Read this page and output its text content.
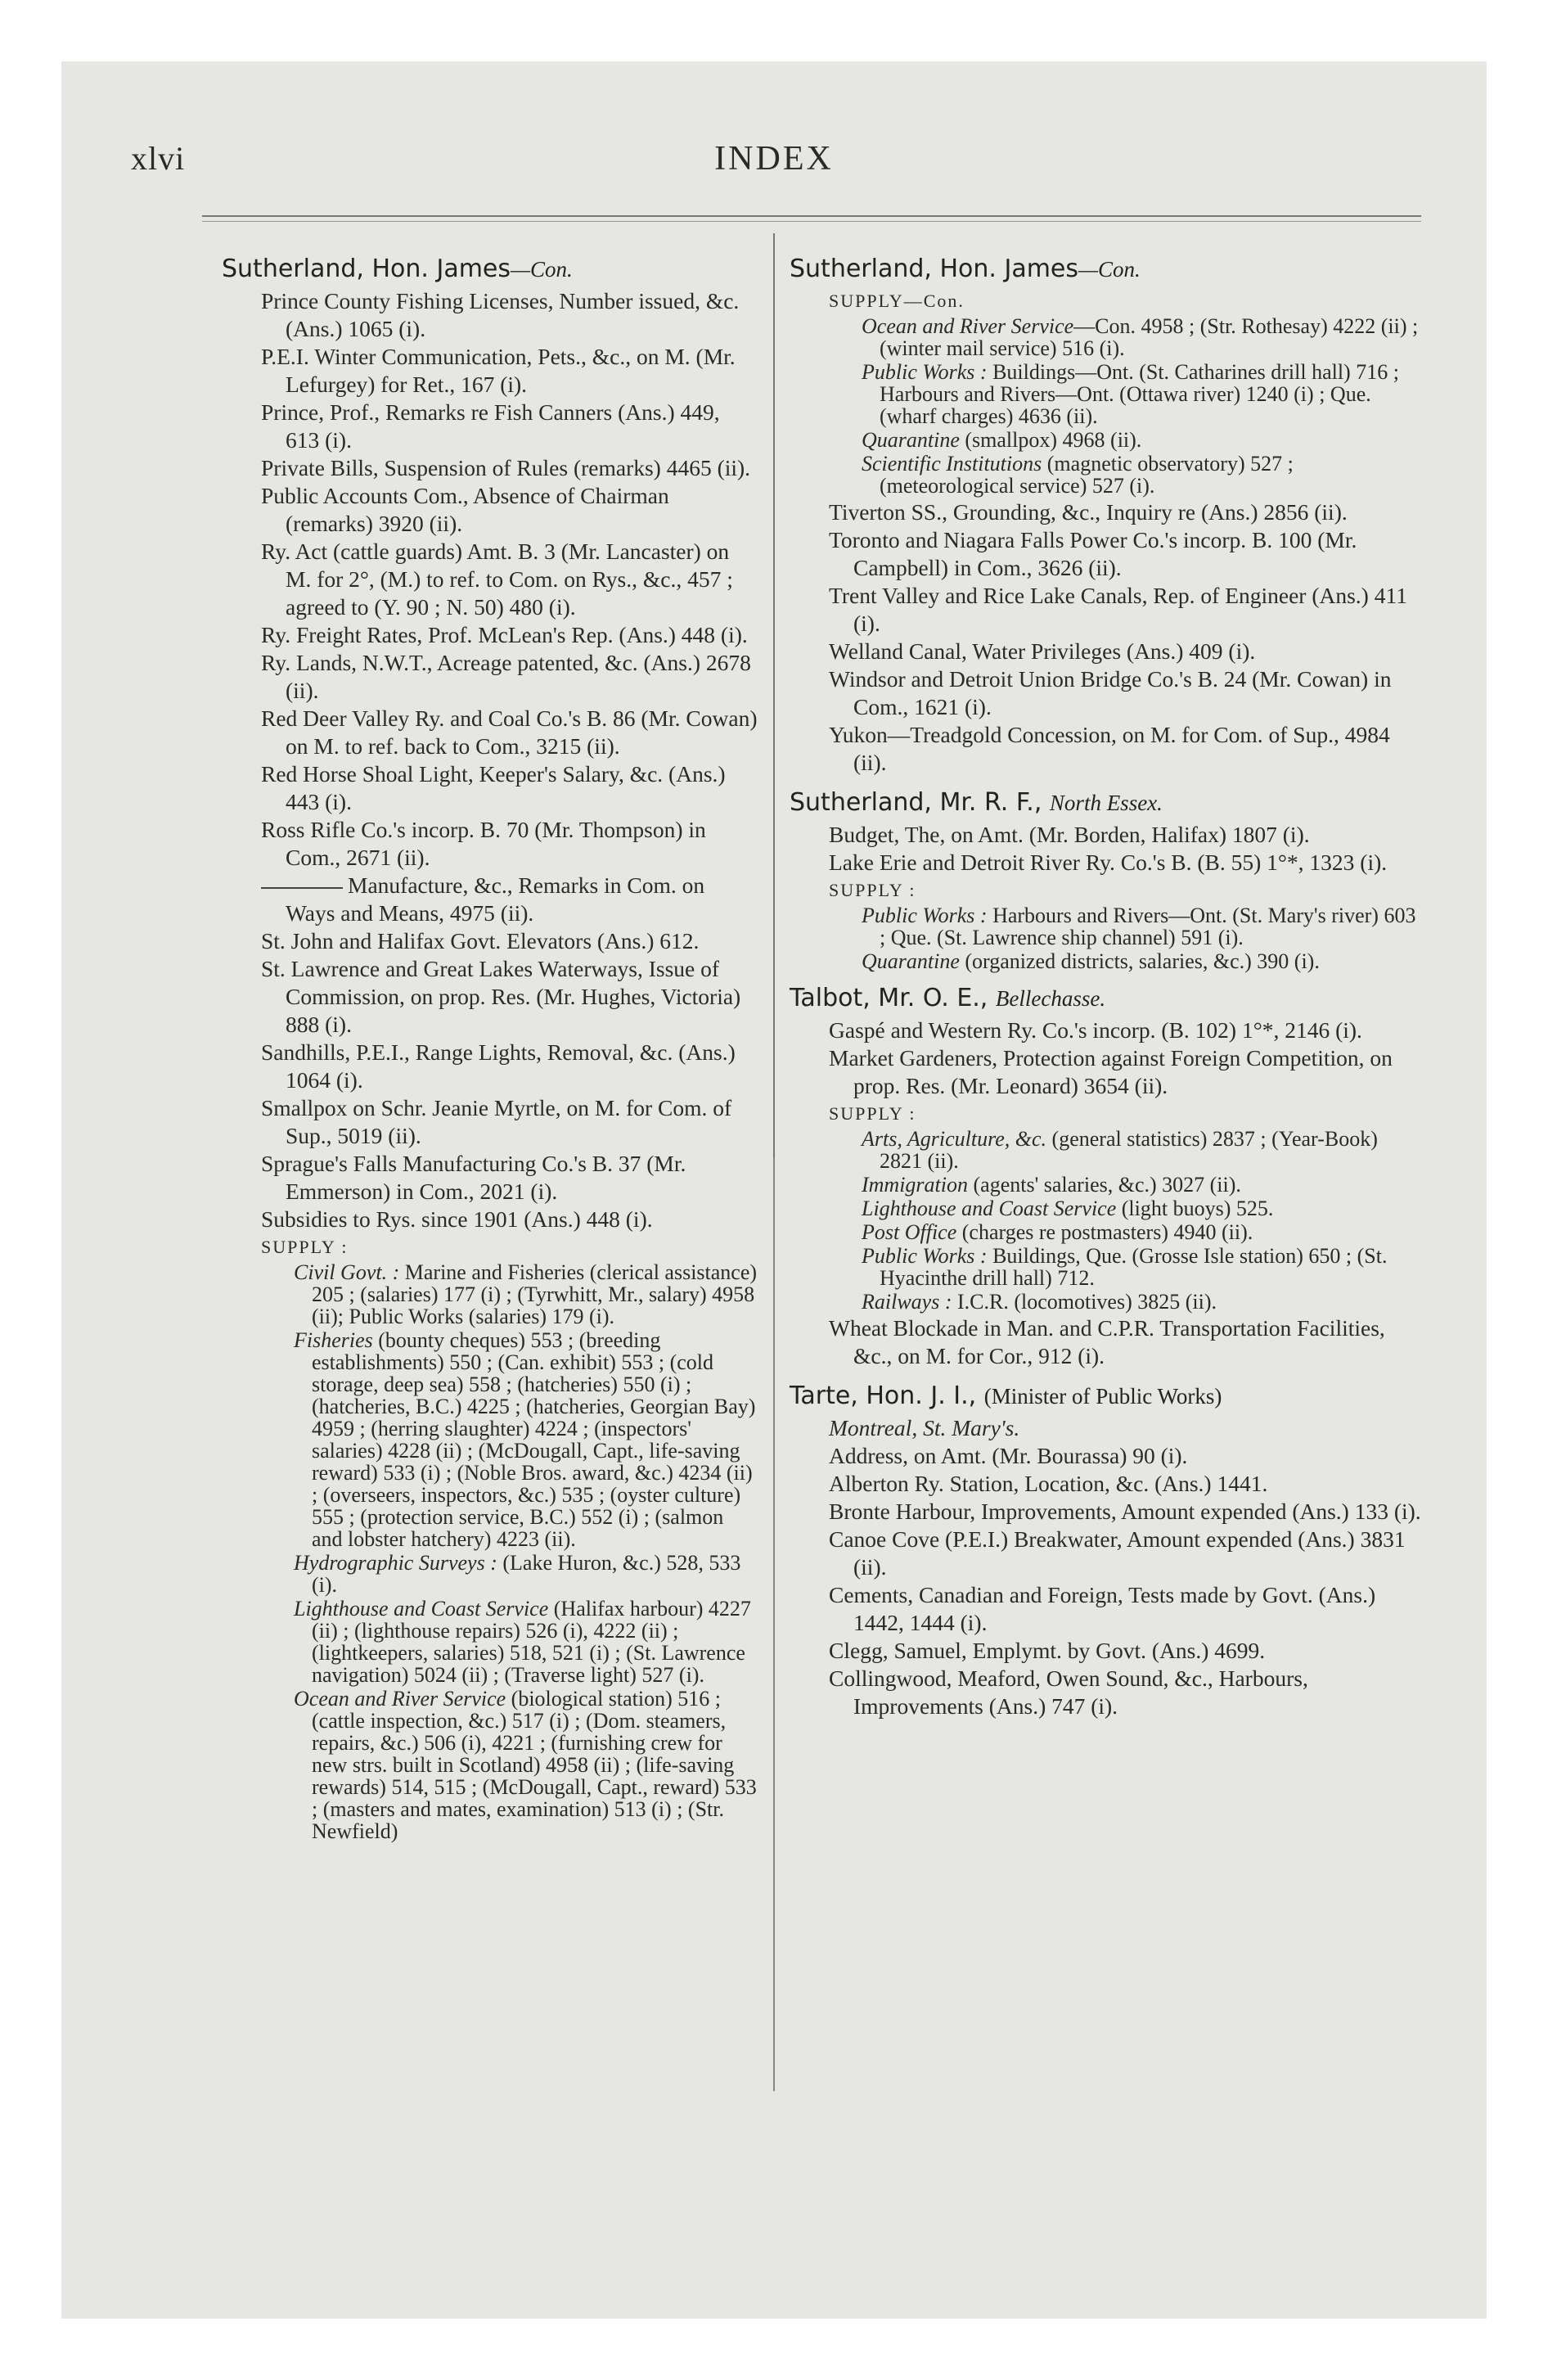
xlvi	INDEX
Sutherland, Hon. James—Con.
Prince County Fishing Licenses, Number issued, &c. (Ans.) 1065 (i).
P.E.I. Winter Communication, Pets., &c., on M. (Mr. Lefurgey) for Ret., 167 (i).
Prince, Prof., Remarks re Fish Canners (Ans.) 449, 613 (i).
Private Bills, Suspension of Rules (remarks) 4465 (ii).
Public Accounts Com., Absence of Chairman (remarks) 3920 (ii).
Ry. Act (cattle guards) Amt. B. 3 (Mr. Lancaster) on M. for 2°, (M.) to ref. to Com. on Rys., &c., 457 ; agreed to (Y. 90 ; N. 50) 480 (i).
Ry. Freight Rates, Prof. McLean's Rep. (Ans.) 448 (i).
Ry. Lands, N.W.T., Acreage patented, &c. (Ans.) 2678 (ii).
Red Deer Valley Ry. and Coal Co.'s B. 86 (Mr. Cowan) on M. to ref. back to Com., 3215 (ii).
Red Horse Shoal Light, Keeper's Salary, &c. (Ans.) 443 (i).
Ross Rifle Co.'s incorp. B. 70 (Mr. Thompson) in Com., 2671 (ii).
Manufacture, &c., Remarks in Com. on Ways and Means, 4975 (ii).
St. John and Halifax Govt. Elevators (Ans.) 612.
St. Lawrence and Great Lakes Waterways, Issue of Commission, on prop. Res. (Mr. Hughes, Victoria) 888 (i).
Sandhills, P.E.I., Range Lights, Removal, &c. (Ans.) 1064 (i).
Smallpox on Schr. Jeanie Myrtle, on M. for Com. of Sup., 5019 (ii).
Sprague's Falls Manufacturing Co.'s B. 37 (Mr. Emmerson) in Com., 2021 (i).
Subsidies to Rys. since 1901 (Ans.) 448 (i).
SUPPLY :
Civil Govt. : Marine and Fisheries (clerical assistance) 205 ; (salaries) 177 (i) ; (Tyrwhitt, Mr., salary) 4958 (ii); Public Works (salaries) 179 (i).
Fisheries (bounty cheques) 553 ; (breeding establishments) 550 ; (Can. exhibit) 553 ; (cold storage, deep sea) 558 ; (hatcheries) 550 (i) ; (hatcheries, B.C.) 4225 ; (hatcheries, Georgian Bay) 4959 ; (herring slaughter) 4224 ; (inspectors' salaries) 4228 (ii) ; (McDougall, Capt., life-saving reward) 533 (i) ; (Noble Bros. award, &c.) 4234 (ii) ; (overseers, inspectors, &c.) 535 ; (oyster culture) 555 ; (protection service, B.C.) 552 (i) ; (salmon and lobster hatchery) 4223 (ii).
Hydrographic Surveys : (Lake Huron, &c.) 528, 533 (i).
Lighthouse and Coast Service (Halifax harbour) 4227 (ii) ; (lighthouse repairs) 526 (i), 4222 (ii) ; (lightkeepers, salaries) 518, 521 (i) ; (St. Lawrence navigation) 5024 (ii) ; (Traverse light) 527 (i).
Ocean and River Service (biological station) 516 ; (cattle inspection, &c.) 517 (i) ; (Dom. steamers, repairs, &c.) 506 (i), 4221 ; (furnishing crew for new strs. built in Scotland) 4958 (ii) ; (life-saving rewards) 514, 515 ; (McDougall, Capt., reward) 533 ; (masters and mates, examination) 513 (i) ; (Str. Newfield)
Sutherland, Hon. James—Con.
SUPPLY—Con.
Ocean and River Service—Con. 4958 ; (Str. Rothesay) 4222 (ii) ; (winter mail service) 516 (i).
Public Works : Buildings—Ont. (St. Catharines drill hall) 716 ; Harbours and Rivers—Ont. (Ottawa river) 1240 (i) ; Que. (wharf charges) 4636 (ii).
Quarantine (smallpox) 4968 (ii).
Scientific Institutions (magnetic observatory) 527 ; (meteorological service) 527 (i).
Tiverton SS., Grounding, &c., Inquiry re (Ans.) 2856 (ii).
Toronto and Niagara Falls Power Co.'s incorp. B. 100 (Mr. Campbell) in Com., 3626 (ii).
Trent Valley and Rice Lake Canals, Rep. of Engineer (Ans.) 411 (i).
Welland Canal, Water Privileges (Ans.) 409 (i).
Windsor and Detroit Union Bridge Co.'s B. 24 (Mr. Cowan) in Com., 1621 (i).
Yukon—Treadgold Concession, on M. for Com. of Sup., 4984 (ii).
Sutherland, Mr. R. F., North Essex.
Budget, The, on Amt. (Mr. Borden, Halifax) 1807 (i).
Lake Erie and Detroit River Ry. Co.'s B. (B. 55) 1°*, 1323 (i).
SUPPLY :
Public Works : Harbours and Rivers—Ont. (St. Mary's river) 603 ; Que. (St. Lawrence ship channel) 591 (i).
Quarantine (organized districts, salaries, &c.) 390 (i).
Talbot, Mr. O. E., Bellechasse.
Gaspé and Western Ry. Co.'s incorp. (B. 102) 1°*, 2146 (i).
Market Gardeners, Protection against Foreign Competition, on prop. Res. (Mr. Leonard) 3654 (ii).
SUPPLY :
Arts, Agriculture, &c. (general statistics) 2837 ; (Year-Book) 2821 (ii).
Immigration (agents' salaries, &c.) 3027 (ii).
Lighthouse and Coast Service (light buoys) 525.
Post Office (charges re postmasters) 4940 (ii).
Public Works : Buildings, Que. (Grosse Isle station) 650 ; (St. Hyacinthe drill hall) 712.
Railways : I.C.R. (locomotives) 3825 (ii).
Wheat Blockade in Man. and C.P.R. Transportation Facilities, &c., on M. for Cor., 912 (i).
Tarte, Hon. J. I., (Minister of Public Works)
Montreal, St. Mary's.
Address, on Amt. (Mr. Bourassa) 90 (i).
Alberton Ry. Station, Location, &c. (Ans.) 1441.
Bronte Harbour, Improvements, Amount expended (Ans.) 133 (i).
Canoe Cove (P.E.I.) Breakwater, Amount expended (Ans.) 3831 (ii).
Cements, Canadian and Foreign, Tests made by Govt. (Ans.) 1442, 1444 (i).
Clegg, Samuel, Emplymt. by Govt. (Ans.) 4699.
Collingwood, Meaford, Owen Sound, &c., Harbours, Improvements (Ans.) 747 (i).
